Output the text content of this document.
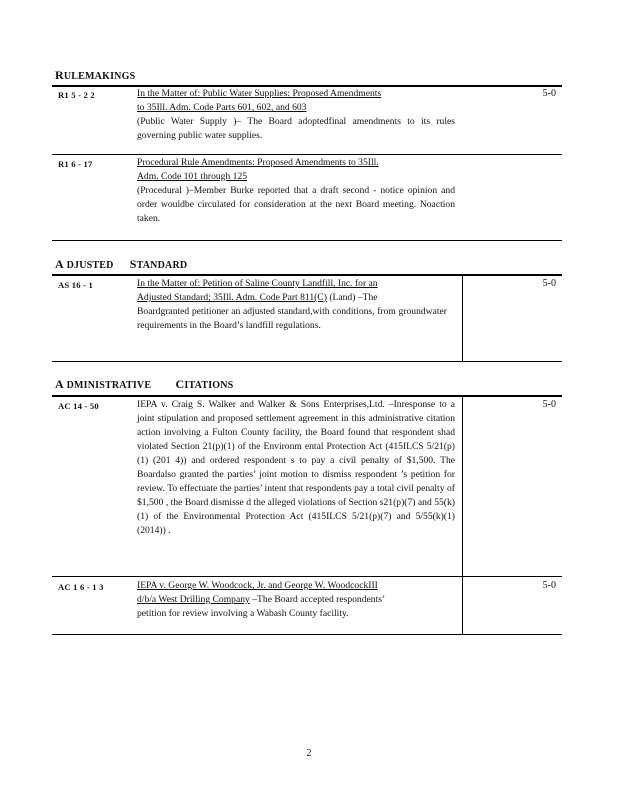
RULEMAKINGS
R1 5 - 2 2	In the Matter of: Public Water Supplies: Proposed Amendments
to 35Ill. Adm. Code Parts 601, 602, and 603
(Public Water Supply )– The Board adoptedfinal amendments to its rules governing public water supplies.
5-0
R1 6 - 17	Procedural Rule Amendments: Proposed Amendments to 35Ill.
Adm. Code 101 through 125
(Procedural )–Member Burke reported that a draft second - notice opinion and order wouldbe circulated for consideration at the next Board meeting. Noaction taken.
A DJUSTED STANDARD
AS 16 - 1	In the Matter of: Petition of Saline County Landfill, Inc. for an
Adjusted Standard; 35Ill. Adm. Code Part 811(C) (Land) –The
Boardgranted petitioner an adjusted standard,with conditions, from groundwater requirements in the Board’s landfill regulations.
5-0
A DMINISTRATIVE CITATIONS
AC 14 - 50	IEPA v. Craig S. Walker and Walker & Sons Enterprises,Ltd. –Inresponse to a joint stipulation and proposed settlement agreement in this administrative citation action involving a Fulton County facility, the Board found that respondent shad violated Section 21(p)(1) of the Environm ental Protection Act (415ILCS 5/21(p)(1) (201 4)) and ordered respondent s to pay a civil penalty of $1,500. The Boardalso granted the parties’ joint motion to dismiss respondent ’s petition for review. To effectuate the parties’ intent that respondents pay a total civil penalty of $1,500 , the Board dismisse d the alleged violations of Section s21(p)(7) and 55(k)(1) of the Environmental Protection Act (415ILCS 5/21(p)(7) and 5/55(k)(1) (2014)) .
5-0
AC 1 6 - 1 3	IEPA v. George W. Woodcock, Jr. and George W. WoodcockIII
d/b/a West Drilling Company –The Board accepted respondents’
petition for review involving a Wabash County facility.
5-0
2
